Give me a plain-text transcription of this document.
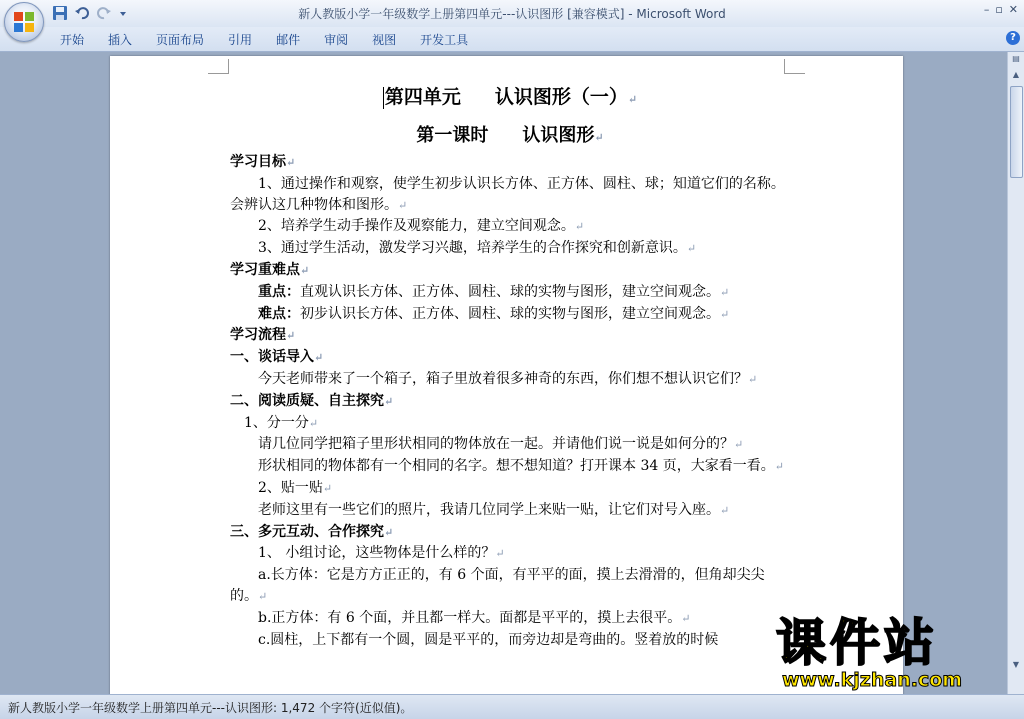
新人教版小学一年级数学上册第四单元---认识图形 [兼容模式] - Microsoft Word	– ▫ ✕
开始	插入	页面布局	引用	邮件	审阅	视图	开发工具	?
第四单元 认识图形（一）↵
第一课时 认识图形↵

学习目标↵

1、通过操作和观察，使学生初步认识长方体、正方体、圆柱、球；知道它们的名称。会辨认这几种物体和图形。↵

2、培养学生动手操作及观察能力，建立空间观念。↵

3、通过学生活动，激发学习兴趣，培养学生的合作探究和创新意识。↵

学习重难点↵

重点：直观认识长方体、正方体、圆柱、球的实物与图形，建立空间观念。↵

难点：初步认识长方体、正方体、圆柱、球的实物与图形，建立空间观念。↵

学习流程↵

一、谈话导入↵

今天老师带来了一个箱子，箱子里放着很多神奇的东西，你们想不想认识它们？↵

二、阅读质疑、自主探究↵

1、分一分↵

请几位同学把箱子里形状相同的物体放在一起。并请他们说一说是如何分的？↵

形状相同的物体都有一个相同的名字。想不想知道？打开课本 34 页，大家看一看。↵

2、贴一贴↵

老师这里有一些它们的照片，我请几位同学上来贴一贴，让它们对号入座。↵

三、多元互动、合作探究↵

1、 小组讨论，这些物体是什么样的？↵

a.长方体：它是方方正正的，有 6 个面，有平平的面，摸上去滑滑的，但角却尖尖的。↵

b.正方体：有 6 个面，并且都一样大。面都是平平的，摸上去很平。↵

c.圆柱，上下都有一个圆，圆是平平的，而旁边却是弯曲的。竖着放的时候

▤
▲
▼
新人教版小学一年级数学上册第四单元---认识图形: 1,472 个字符(近似值)。
课件站
www.kjzhan.com
